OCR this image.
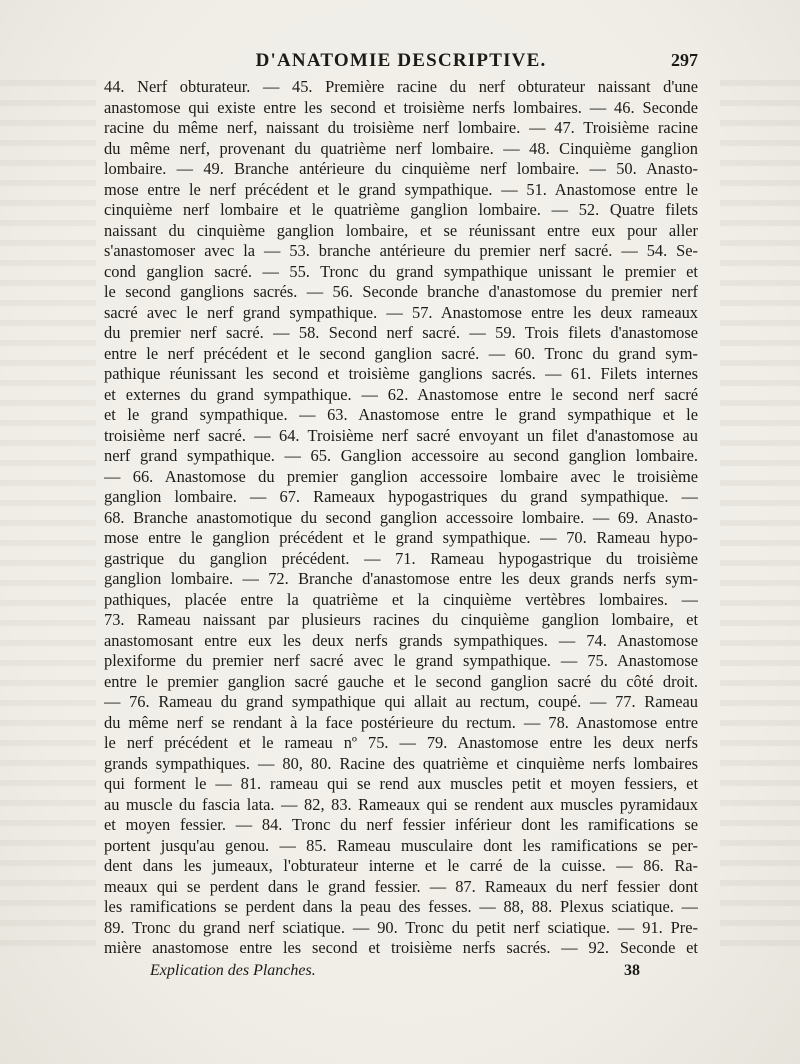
D'ANATOMIE DESCRIPTIVE.	297
44. Nerf obturateur. — 45. Première racine du nerf obturateur naissant d'une
anastomose qui existe entre les second et troisième nerfs lombaires. — 46. Seconde
racine du même nerf, naissant du troisième nerf lombaire. — 47. Troisième racine
du même nerf, provenant du quatrième nerf lombaire. — 48. Cinquième ganglion
lombaire. — 49. Branche antérieure du cinquième nerf lombaire. — 50. Anasto-
mose entre le nerf précédent et le grand sympathique. — 51. Anastomose entre le
cinquième nerf lombaire et le quatrième ganglion lombaire. — 52. Quatre filets
naissant du cinquième ganglion lombaire, et se réunissant entre eux pour aller
s'anastomoser avec la — 53. branche antérieure du premier nerf sacré. — 54. Se-
cond ganglion sacré. — 55. Tronc du grand sympathique unissant le premier et
le second ganglions sacrés. — 56. Seconde branche d'anastomose du premier nerf
sacré avec le nerf grand sympathique. — 57. Anastomose entre les deux rameaux
du premier nerf sacré. — 58. Second nerf sacré. — 59. Trois filets d'anastomose
entre le nerf précédent et le second ganglion sacré. — 60. Tronc du grand sym-
pathique réunissant les second et troisième ganglions sacrés. — 61. Filets internes
et externes du grand sympathique. — 62. Anastomose entre le second nerf sacré
et le grand sympathique. — 63. Anastomose entre le grand sympathique et le
troisième nerf sacré. — 64. Troisième nerf sacré envoyant un filet d'anastomose au
nerf grand sympathique. — 65. Ganglion accessoire au second ganglion lombaire.
— 66. Anastomose du premier ganglion accessoire lombaire avec le troisième
ganglion lombaire. — 67. Rameaux hypogastriques du grand sympathique. —
68. Branche anastomotique du second ganglion accessoire lombaire. — 69. Anasto-
mose entre le ganglion précédent et le grand sympathique. — 70. Rameau hypo-
gastrique du ganglion précédent. — 71. Rameau hypogastrique du troisième
ganglion lombaire. — 72. Branche d'anastomose entre les deux grands nerfs sym-
pathiques, placée entre la quatrième et la cinquième vertèbres lombaires. —
73. Rameau naissant par plusieurs racines du cinquième ganglion lombaire, et
anastomosant entre eux les deux nerfs grands sympathiques. — 74. Anastomose
plexiforme du premier nerf sacré avec le grand sympathique. — 75. Anastomose
entre le premier ganglion sacré gauche et le second ganglion sacré du côté droit.
— 76. Rameau du grand sympathique qui allait au rectum, coupé. — 77. Rameau
du même nerf se rendant à la face postérieure du rectum. — 78. Anastomose entre
le nerf précédent et le rameau nº 75. — 79. Anastomose entre les deux nerfs
grands sympathiques. — 80, 80. Racine des quatrième et cinquième nerfs lombaires
qui forment le — 81. rameau qui se rend aux muscles petit et moyen fessiers, et
au muscle du fascia lata. — 82, 83. Rameaux qui se rendent aux muscles pyramidaux
et moyen fessier. — 84. Tronc du nerf fessier inférieur dont les ramifications se
portent jusqu'au genou. — 85. Rameau musculaire dont les ramifications se per-
dent dans les jumeaux, l'obturateur interne et le carré de la cuisse. — 86. Ra-
meaux qui se perdent dans le grand fessier. — 87. Rameaux du nerf fessier dont
les ramifications se perdent dans la peau des fesses. — 88, 88. Plexus sciatique. —
89. Tronc du grand nerf sciatique. — 90. Tronc du petit nerf sciatique. — 91. Pre-
mière anastomose entre les second et troisième nerfs sacrés. — 92. Seconde et
Explication des Planches.	38
